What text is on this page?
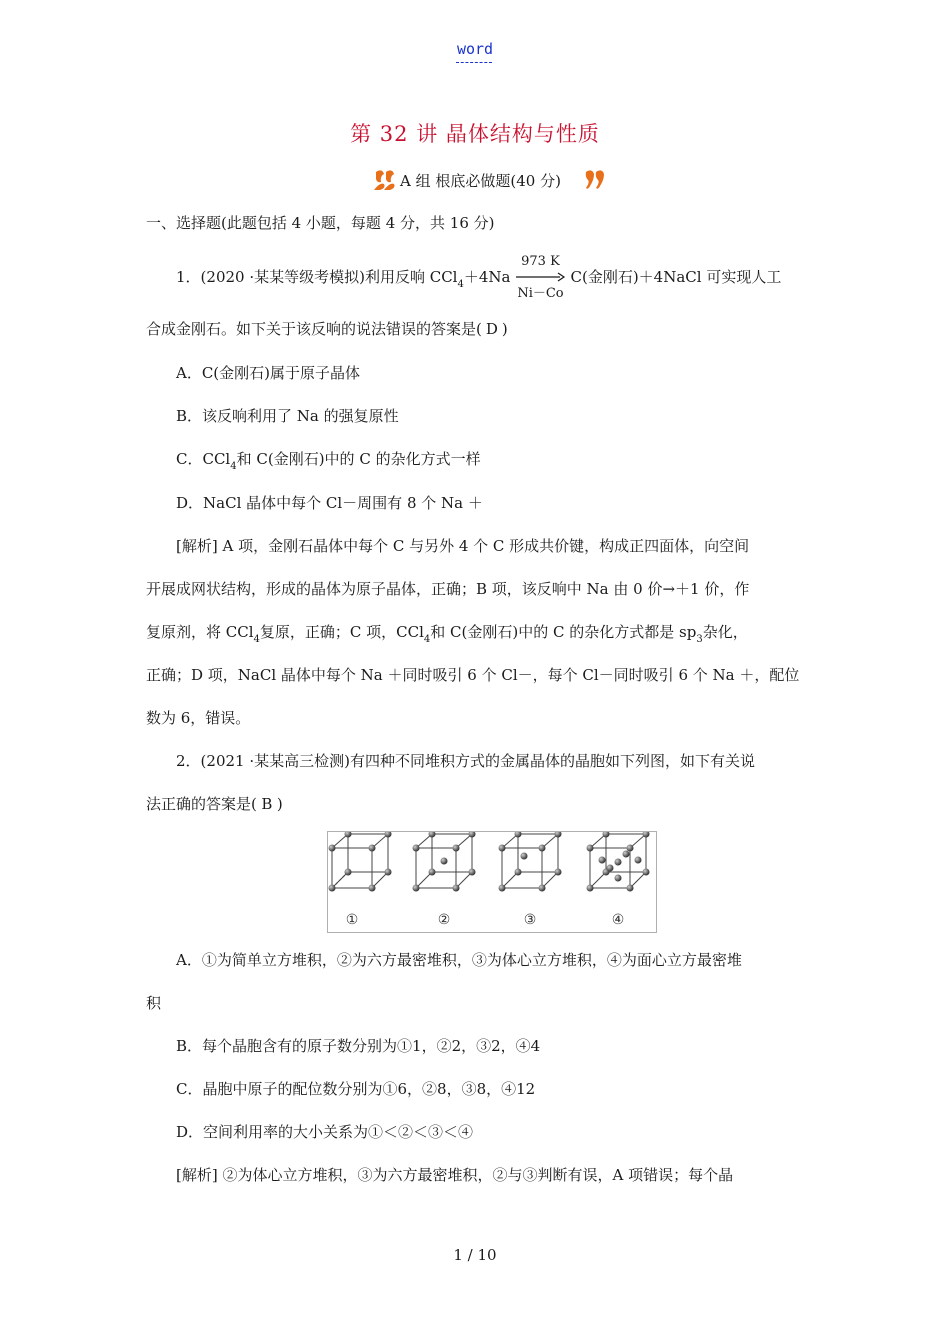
word
第 32 讲 晶体结构与性质
A 组 根底必做题(40 分)

一、选择题(此题包括 4 小题，每题 4 分，共 16 分)

1．(2020 ·某某等级考模拟)利用反响 CCl$_4$＋4Na
973 K
Ni－Co
C(金刚石)＋4NaCl 可实现人工

合成金刚石。如下关于该反响的说法错误的答案是( D )

A．C(金刚石)属于原子晶体

B．该反响利用了 Na 的强复原性

C．CCl$_4$和 C(金刚石)中的 C 的杂化方式一样

D．NaCl 晶体中每个 Cl－周围有 8 个 Na ＋

[解析] A 项，金刚石晶体中每个 C 与另外 4 个 C 形成共价键，构成正四面体，向空间

开展成网状结构，形成的晶体为原子晶体，正确；B 项，该反响中 Na 由 0 价→＋1 价，作

复原剂，将 CCl$_4$复原，正确；C 项，CCl$_4$和 C(金刚石)中的 C 的杂化方式都是 $sp_3$杂化，

正确；D 项，NaCl 晶体中每个 Na ＋同时吸引 6 个 Cl－，每个 Cl－同时吸引 6 个 Na ＋，配位

数为 6，错误。

2．(2021 ·某某高三检测)有四种不同堆积方式的金属晶体的晶胞如下列图，如下有关说

法正确的答案是( B )

①	②	③	④

A．①为简单立方堆积，②为六方最密堆积，③为体心立方堆积，④为面心立方最密堆

积

B．每个晶胞含有的原子数分别为①1，②2，③2，④4

C．晶胞中原子的配位数分别为①6，②8，③8，④12

D．空间利用率的大小关系为①＜②＜③＜④

[解析] ②为体心立方堆积，③为六方最密堆积，②与③判断有误，A 项错误；每个晶

1 / 10
